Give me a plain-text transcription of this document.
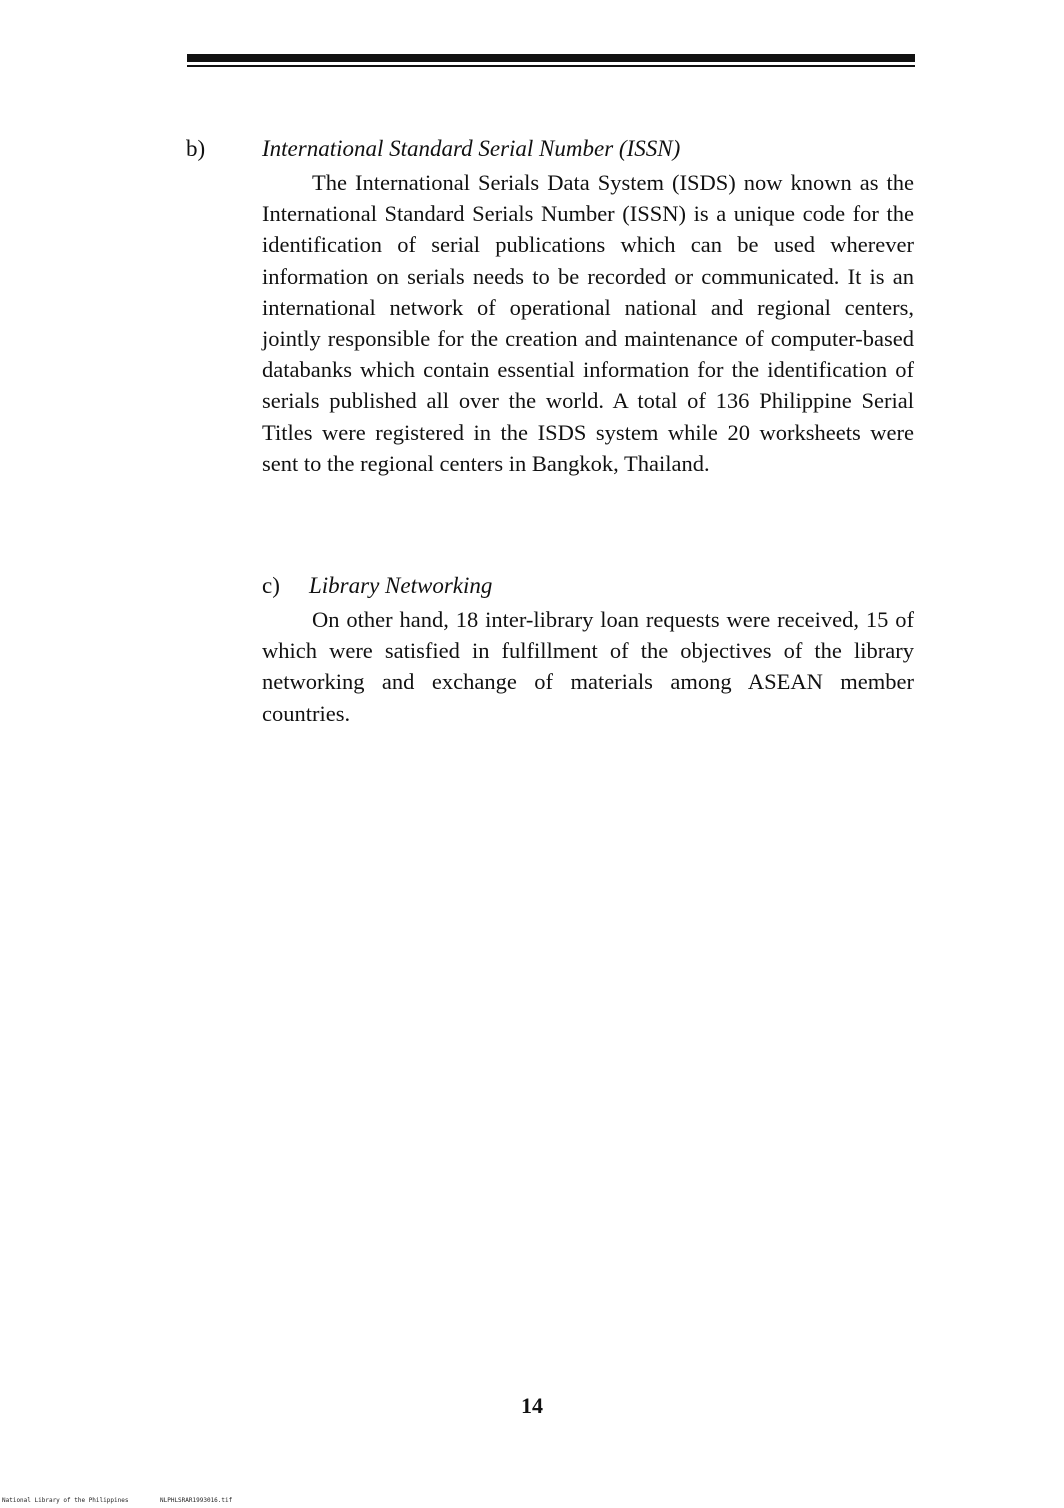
b) International Standard Serial Number (ISSN)

The International Serials Data System (ISDS) now known as the International Standard Serials Number (ISSN) is a unique code for the identification of serial publications which can be used wherever information on serials needs to be recorded or communicated. It is an international network of operational national and regional centers, jointly responsible for the creation and maintenance of computer-based databanks which contain essential information for the identification of serials published all over the world. A total of 136 Philippine Serial Titles were registered in the ISDS system while 20 worksheets were sent to the regional centers in Bangkok, Thailand.

c) Library Networking

On other hand, 18 inter-library loan requests were received, 15 of which were satisfied in fulfillment of the objectives of the library networking and exchange of materials among ASEAN member countries.

14
National Library of the Philippines	NLPHLSRAR1993016.tif
